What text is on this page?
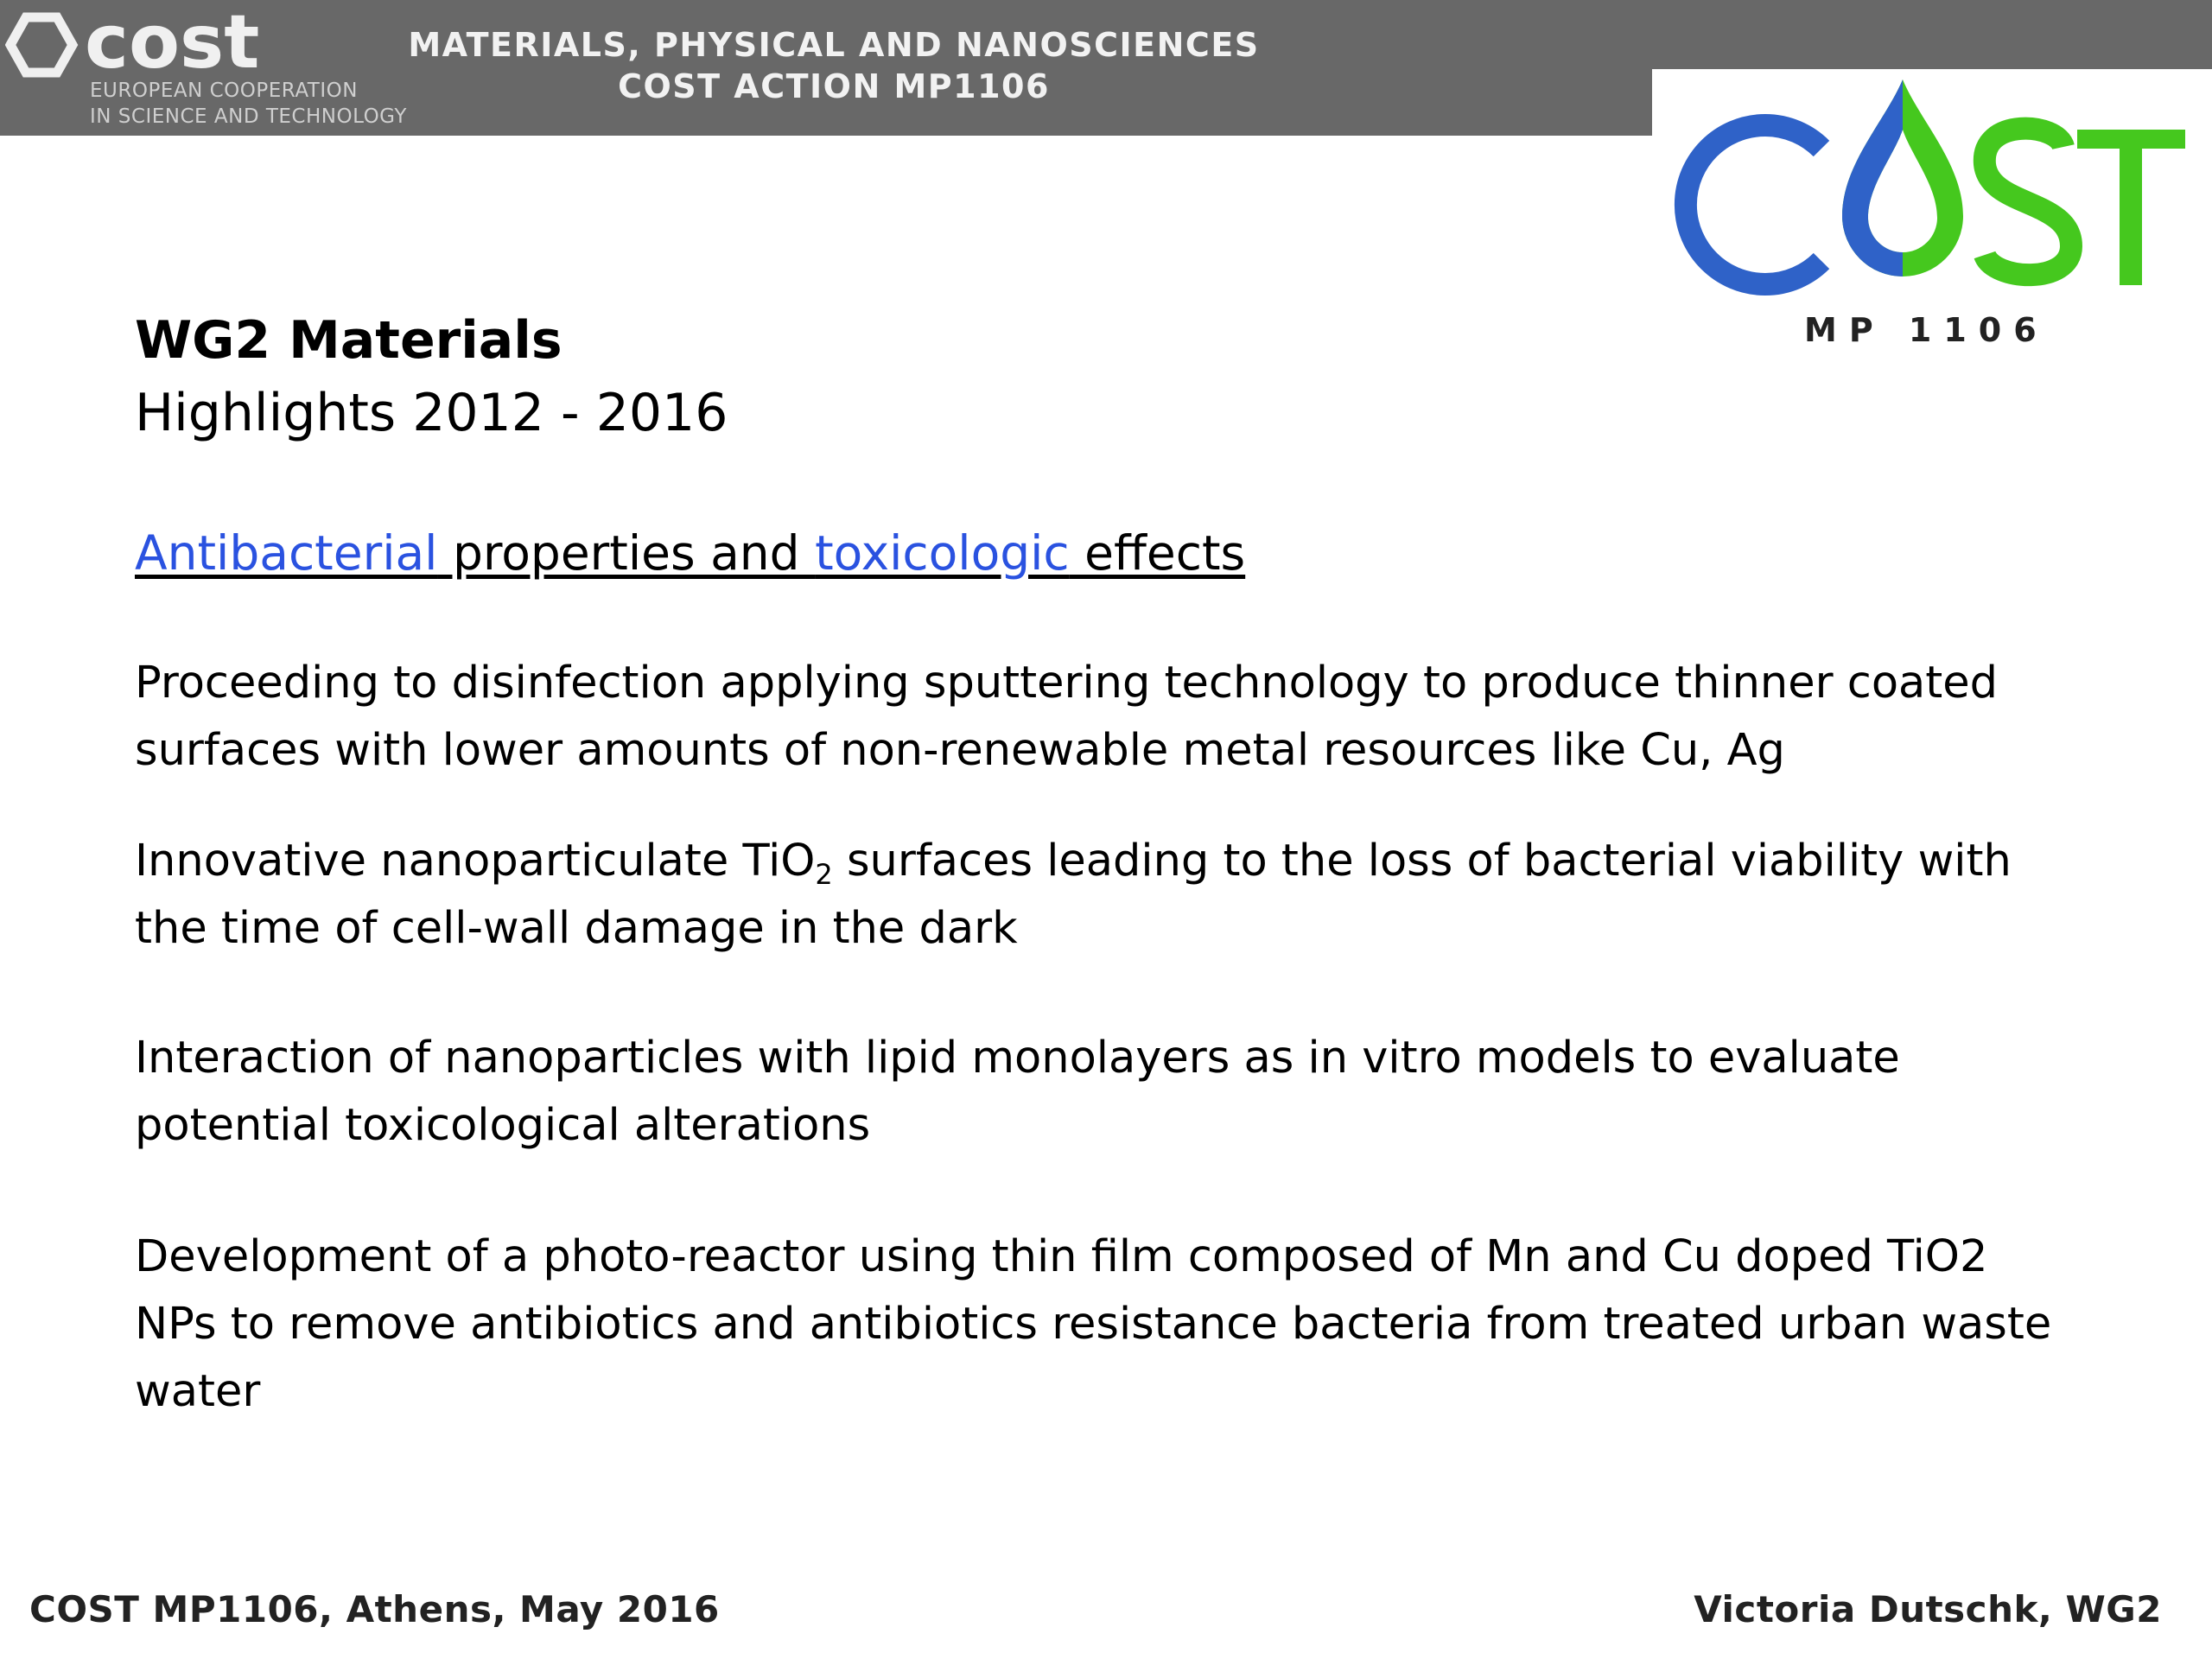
cost
EUROPEAN COOPERATION
IN SCIENCE AND TECHNOLOGY
MATERIALS, PHYSICAL AND NANOSCIENCES
COST ACTION MP1106
MP 1106
WG2 Materials
Highlights 2012 - 2016
Antibacterial properties and toxicologic effects
Proceeding to disinfection applying sputtering technology to produce thinner coated surfaces with lower amounts of non-renewable metal resources like Cu, Ag
Innovative nanoparticulate TiO$_2$ surfaces leading to the loss of bacterial viability with the time of cell-wall damage in the dark
Interaction of nanoparticles with lipid monolayers as in vitro models to evaluate potential toxicological alterations
Development of a photo-reactor using thin film composed of Mn and Cu doped TiO2 NPs to remove antibiotics and antibiotics resistance bacteria from treated urban waste water
COST MP1106, Athens, May 2016	Victoria Dutschk, WG2
